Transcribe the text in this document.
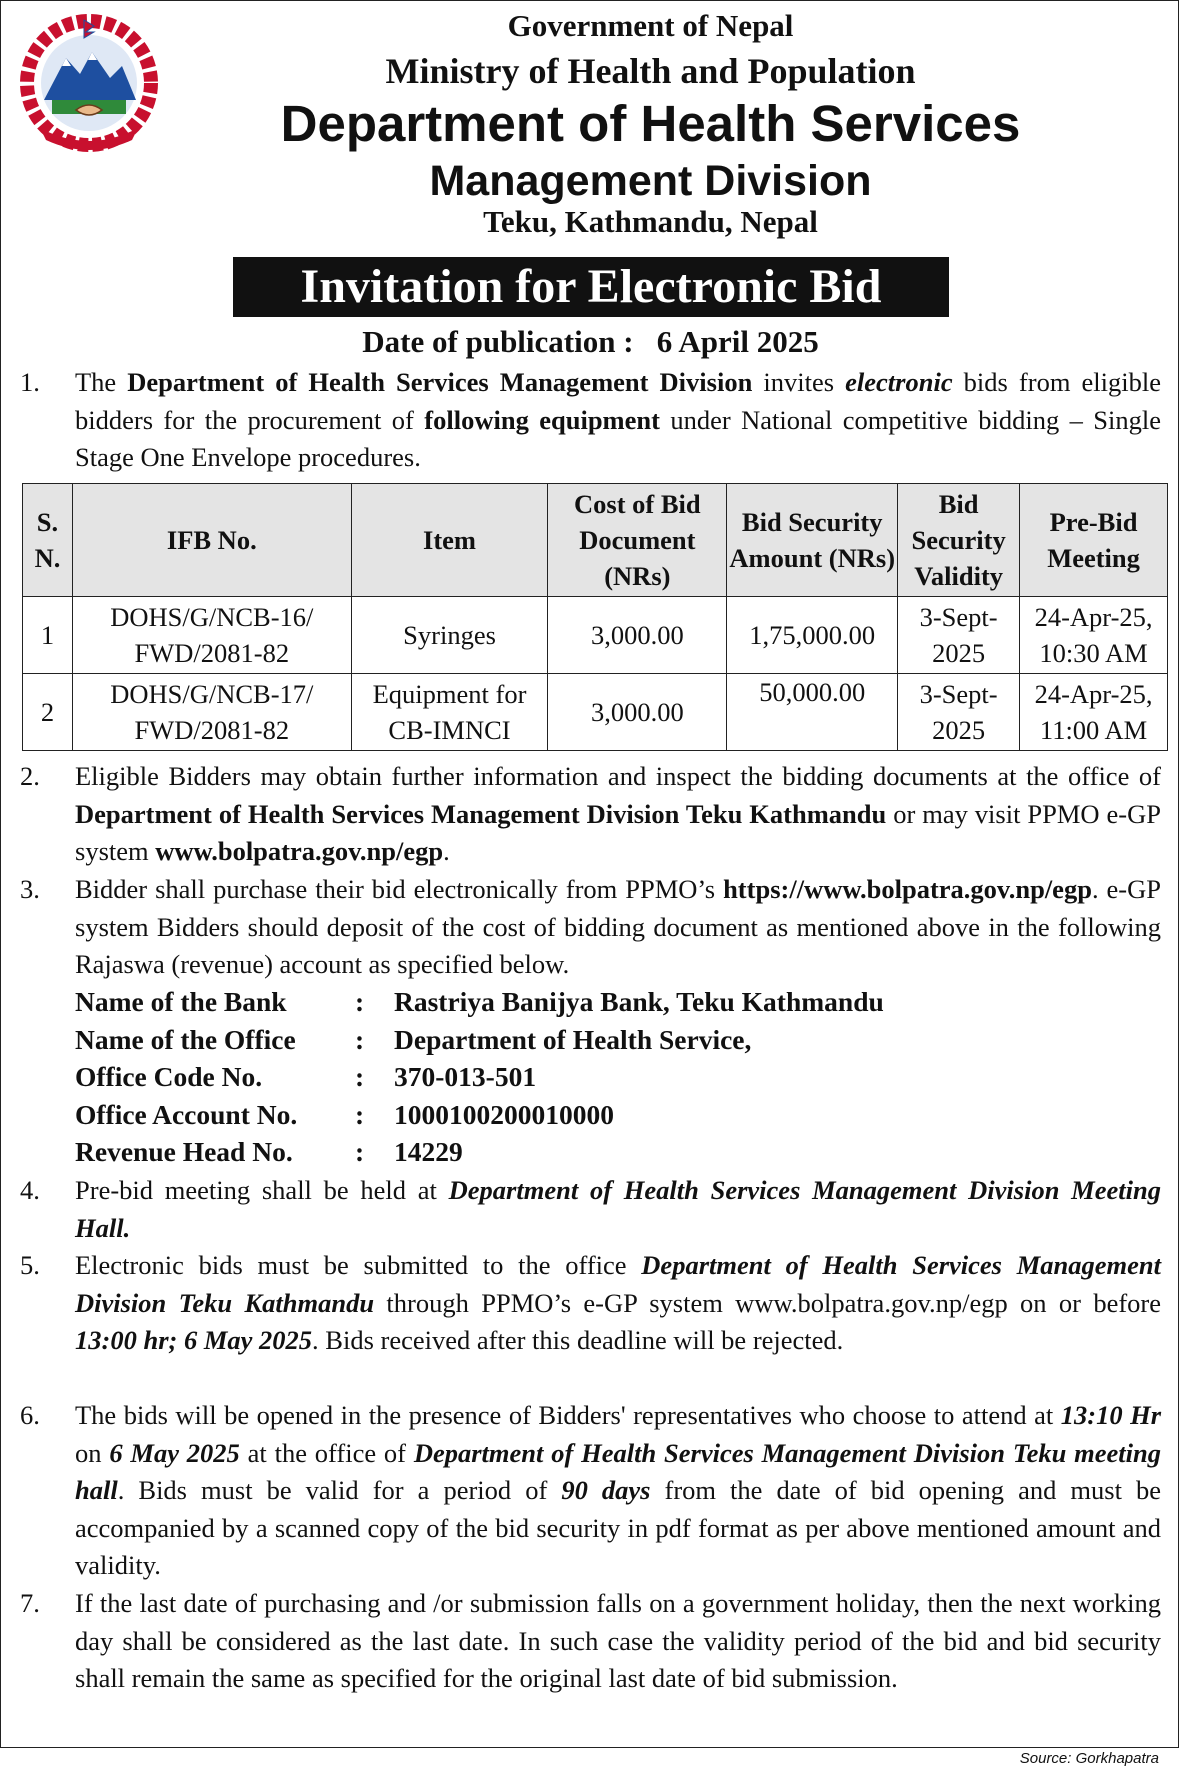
Government of Nepal
Ministry of Health and Population
Department of Health Services
Management Division
Teku, Kathmandu, Nepal
Invitation for Electronic Bid
Date of publication : 6 April 2025
1. The Department of Health Services Management Division invites electronic bids from eligible bidders for the procurement of following equipment under National competitive bidding – Single Stage One Envelope procedures.
S. N.	IFB No.	Item	Cost of Bid Document (NRs)	Bid Security Amount (NRs)	Bid Security Validity	Pre-Bid Meeting
1	DOHS/G/NCB-16/ FWD/2081-82	Syringes	3,000.00	1,75,000.00	3-Sept- 2025	24-Apr-25, 10:30 AM
2	DOHS/G/NCB-17/ FWD/2081-82	Equipment for CB-IMNCI	3,000.00	50,000.00	3-Sept- 2025	24-Apr-25, 11:00 AM
2. Eligible Bidders may obtain further information and inspect the bidding documents at the office of Department of Health Services Management Division Teku Kathmandu or may visit PPMO e-GP system www.bolpatra.gov.np/egp.
3. Bidder shall purchase their bid electronically from PPMO’s https://www.bolpatra.gov.np/egp. e-GP system Bidders should deposit of the cost of bidding document as mentioned above in the following Rajaswa (revenue) account as specified below.
Name of the Bank	:	Rastriya Banijya Bank, Teku Kathmandu
Name of the Office	:	Department of Health Service,
Office Code No.	:	370-013-501
Office Account No.	:	1000100200010000
Revenue Head No.	:	14229
4. Pre-bid meeting shall be held at Department of Health Services Management Division Meeting Hall.
5. Electronic bids must be submitted to the office Department of Health Services Management Division Teku Kathmandu through PPMO’s e-GP system www.bolpatra.gov.np/egp on or before 13:00 hr; 6 May 2025. Bids received after this deadline will be rejected.
6. The bids will be opened in the presence of Bidders' representatives who choose to attend at 13:10 Hr on 6 May 2025 at the office of Department of Health Services Management Division Teku meeting hall. Bids must be valid for a period of 90 days from the date of bid opening and must be accompanied by a scanned copy of the bid security in pdf format as per above mentioned amount and validity.
7. If the last date of purchasing and /or submission falls on a government holiday, then the next working day shall be considered as the last date. In such case the validity period of the bid and bid security shall remain the same as specified for the original last date of bid submission.
Source: Gorkhapatra
